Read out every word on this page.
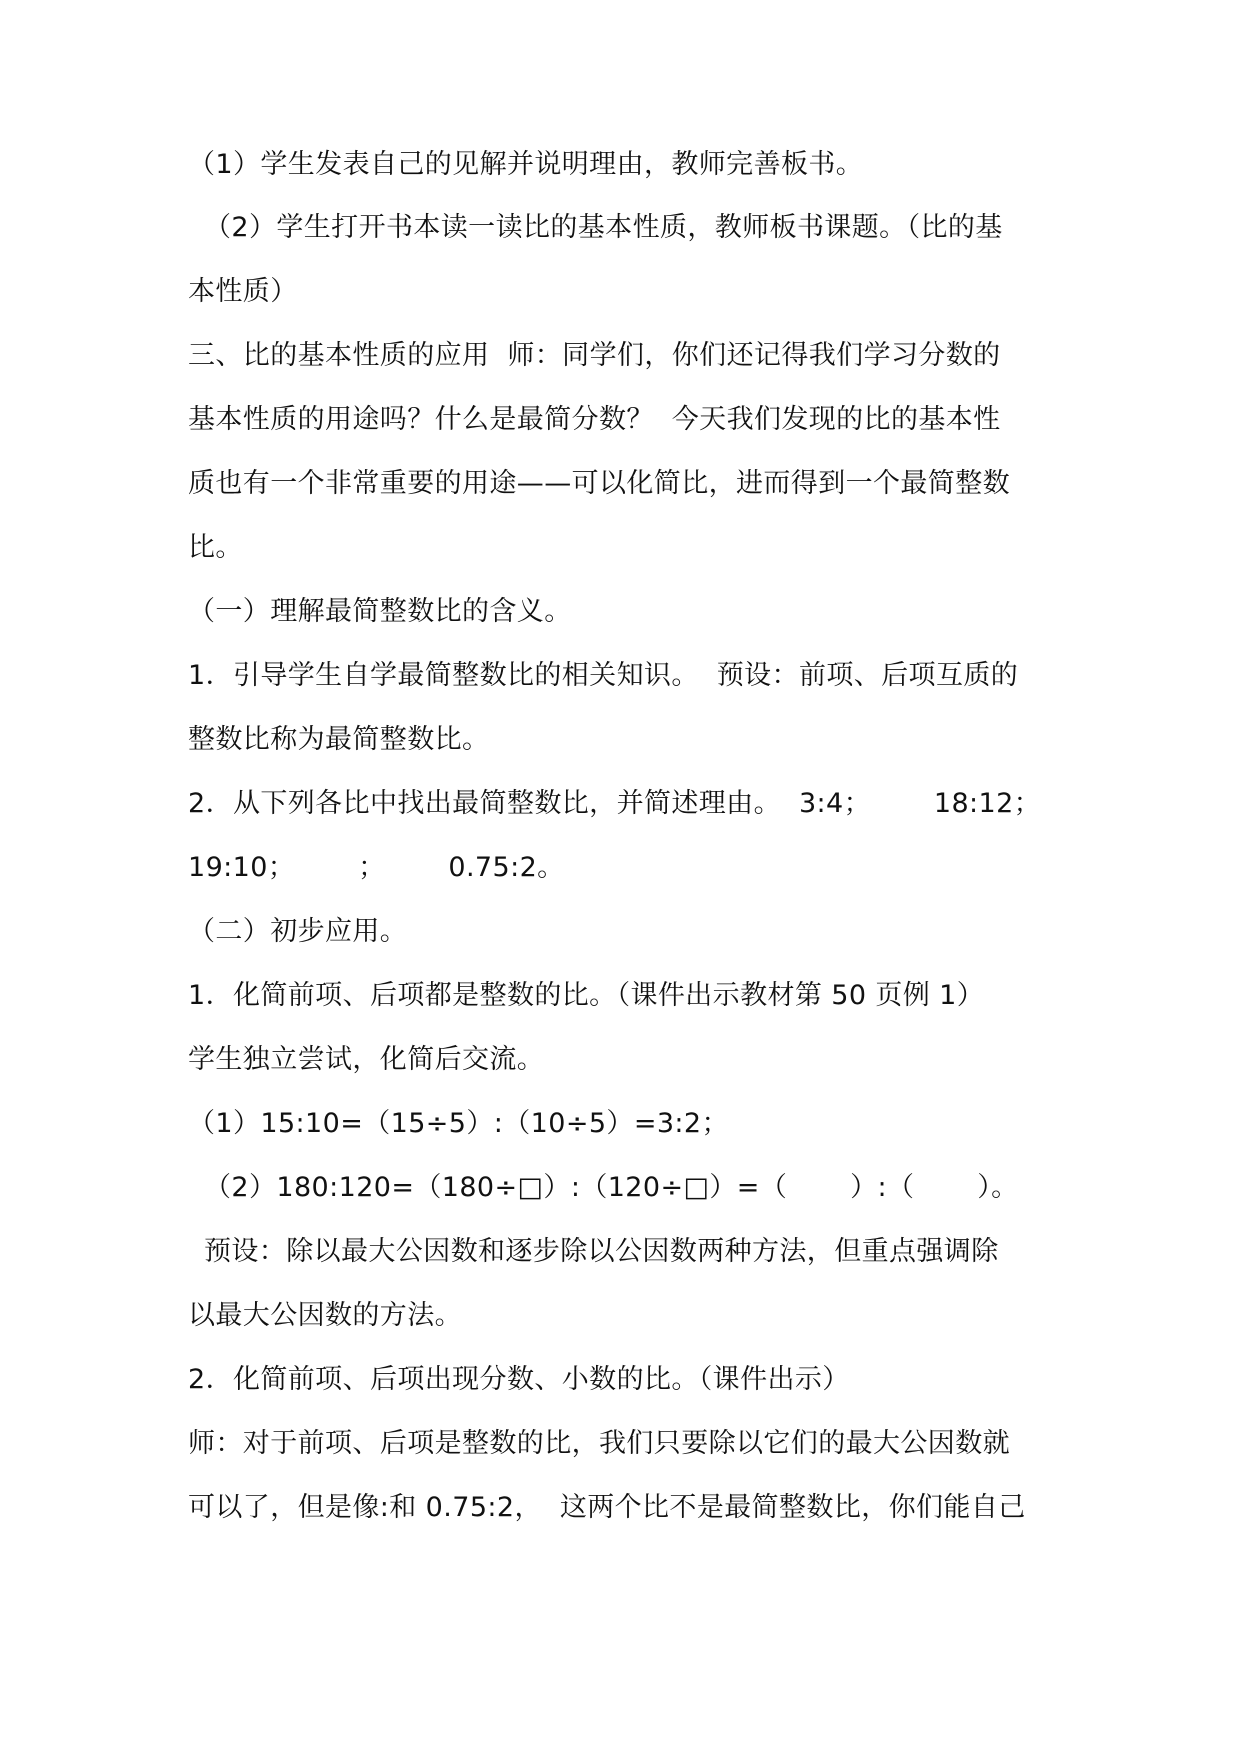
（1）学生发表自己的见解并说明理由，教师完善板书。
（2）学生打开书本读一读比的基本性质，教师板书课题。（比的基
本性质）
三、比的基本性质的应用  师：同学们，你们还记得我们学习分数的
基本性质的用途吗？什么是最简分数？  今天我们发现的比的基本性
质也有一个非常重要的用途——可以化简比，进而得到一个最简整数
比。
（一）理解最简整数比的含义。
1．引导学生自学最简整数比的相关知识。  预设：前项、后项互质的
整数比称为最简整数比。
2．从下列各比中找出最简整数比，并简述理由。  3:4；       18:12；
19:10；       ；       0.75:2。
（二）初步应用。
1．化简前项、后项都是整数的比。（课件出示教材第 50 页例 1）
学生独立尝试，化简后交流。
（1）15:10=（15÷5）:（10÷5）=3:2；
（2）180:120=（180÷□）:（120÷□）=（       ）:（       ）。
预设：除以最大公因数和逐步除以公因数两种方法，但重点强调除
以最大公因数的方法。
2．化简前项、后项出现分数、小数的比。（课件出示）
师：对于前项、后项是整数的比，我们只要除以它们的最大公因数就
可以了，但是像:和 0.75:2，  这两个比不是最简整数比，你们能自己
